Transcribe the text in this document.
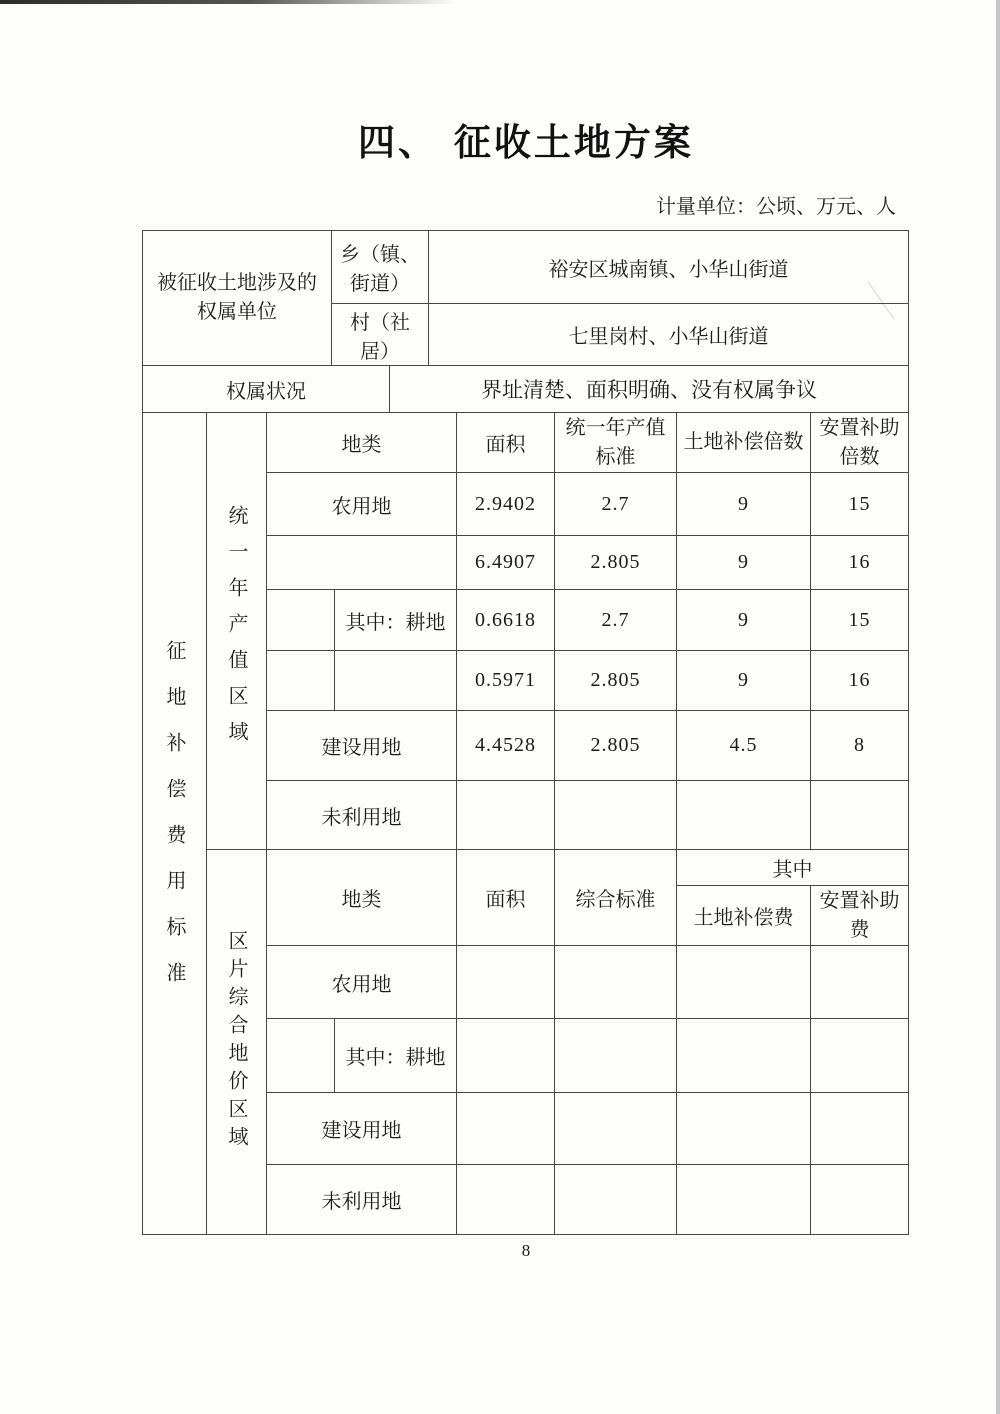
四、 征收土地方案
计量单位：公顷、万元、人
被征收土地涉及的权属单位	乡（镇、街道）	裕安区城南镇、小华山街道
	村（社居）	七里岗村、小华山街道
权属状况	界址清楚、面积明确、没有权属争议
征地补偿费用标准	统一年产值区域	地类		面积	统一年产值标准	土地补偿倍数	安置补助倍数
		农用地		2.9402	2.7	9	15
				6.4907	2.805	9	16
			其中：耕地	0.6618	2.7	9	15
				0.5971	2.805	9	16
		建设用地		4.4528	2.805	4.5	8
		未利用地					
	区片综合地价区域	地类		面积	综合标准	其中	
						土地补偿费	安置补助费
		农用地					
			其中：耕地				
		建设用地					
		未利用地					
8
